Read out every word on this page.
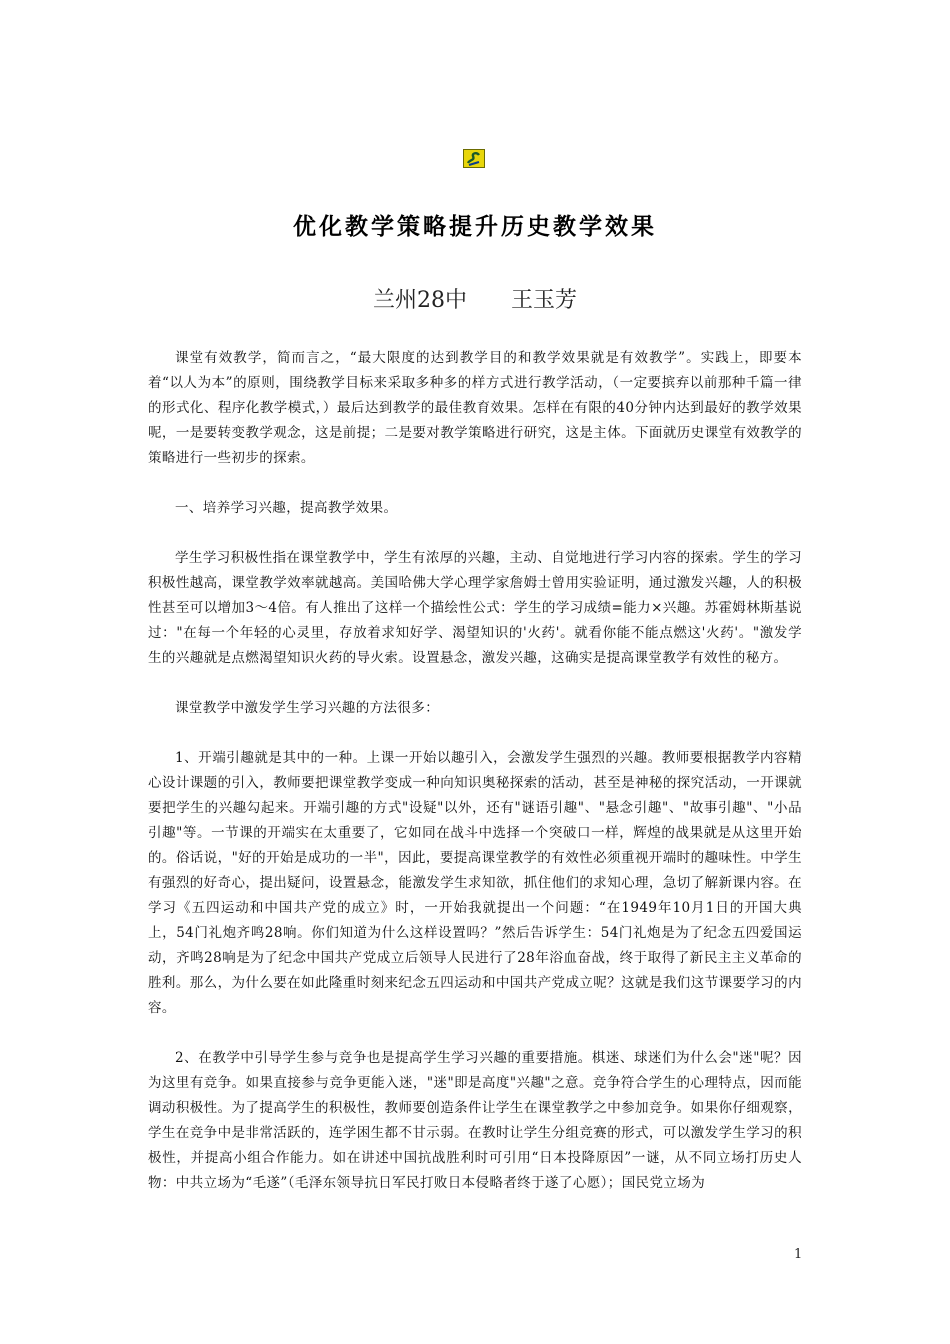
优化教学策略提升历史教学效果
兰州28中 王玉芳

课堂有效教学，简而言之，“最大限度的达到教学目的和教学效果就是有效教学”。实践上，即要本着“以人为本”的原则，围绕教学目标来采取多种多的样方式进行教学活动，（一定要摈弃以前那种千篇一律的形式化、程序化教学模式，）最后达到教学的最佳教育效果。怎样在有限的40分钟内达到最好的教学效果呢，一是要转变教学观念，这是前提；二是要对教学策略进行研究，这是主体。下面就历史课堂有效教学的策略进行一些初步的探索。

一、培养学习兴趣，提高教学效果。

学生学习积极性指在课堂教学中，学生有浓厚的兴趣，主动、自觉地进行学习内容的探索。学生的学习积极性越高，课堂教学效率就越高。美国哈佛大学心理学家詹姆士曾用实验证明，通过激发兴趣，人的积极性甚至可以增加3～4倍。有人推出了这样一个描绘性公式：学生的学习成绩=能力×兴趣。苏霍姆林斯基说过："在每一个年轻的心灵里，存放着求知好学、渴望知识的'火药'。就看你能不能点燃这'火药'。"激发学生的兴趣就是点燃渴望知识火药的导火索。设置悬念，激发兴趣，这确实是提高课堂教学有效性的秘方。

课堂教学中激发学生学习兴趣的方法很多：

1、开端引趣就是其中的一种。上课一开始以趣引入，会激发学生强烈的兴趣。教师要根据教学内容精心设计课题的引入，教师要把课堂教学变成一种向知识奥秘探索的活动，甚至是神秘的探究活动，一开课就要把学生的兴趣勾起来。开端引趣的方式"设疑"以外，还有"谜语引趣"、"悬念引趣"、"故事引趣"、"小品引趣"等。一节课的开端实在太重要了，它如同在战斗中选择一个突破口一样，辉煌的战果就是从这里开始的。俗话说，"好的开始是成功的一半"，因此，要提高课堂教学的有效性必须重视开端时的趣味性。中学生有强烈的好奇心，提出疑问，设置悬念，能激发学生求知欲，抓住他们的求知心理，急切了解新课内容。在学习《五四运动和中国共产党的成立》时，一开始我就提出一个问题：“在1949年10月1日的开国大典上，54门礼炮齐鸣28响。你们知道为什么这样设置吗？”然后告诉学生：54门礼炮是为了纪念五四爱国运动，齐鸣28响是为了纪念中国共产党成立后领导人民进行了28年浴血奋战，终于取得了新民主主义革命的胜利。那么，为什么要在如此隆重时刻来纪念五四运动和中国共产党成立呢？这就是我们这节课要学习的内容。

2、在教学中引导学生参与竞争也是提高学生学习兴趣的重要措施。棋迷、球迷们为什么会"迷"呢？因为这里有竞争。如果直接参与竞争更能入迷，"迷"即是高度"兴趣"之意。竞争符合学生的心理特点，因而能调动积极性。为了提高学生的积极性，教师要创造条件让学生在课堂教学之中参加竞争。如果你仔细观察，学生在竞争中是非常活跃的，连学困生都不甘示弱。在教时让学生分组竞赛的形式，可以激发学生学习的积极性，并提高小组合作能力。如在讲述中国抗战胜利时可引用“日本投降原因”一谜，从不同立场打历史人物：中共立场为“毛遂”（毛泽东领导抗日军民打败日本侵略者终于遂了心愿）；国民党立场为

1
